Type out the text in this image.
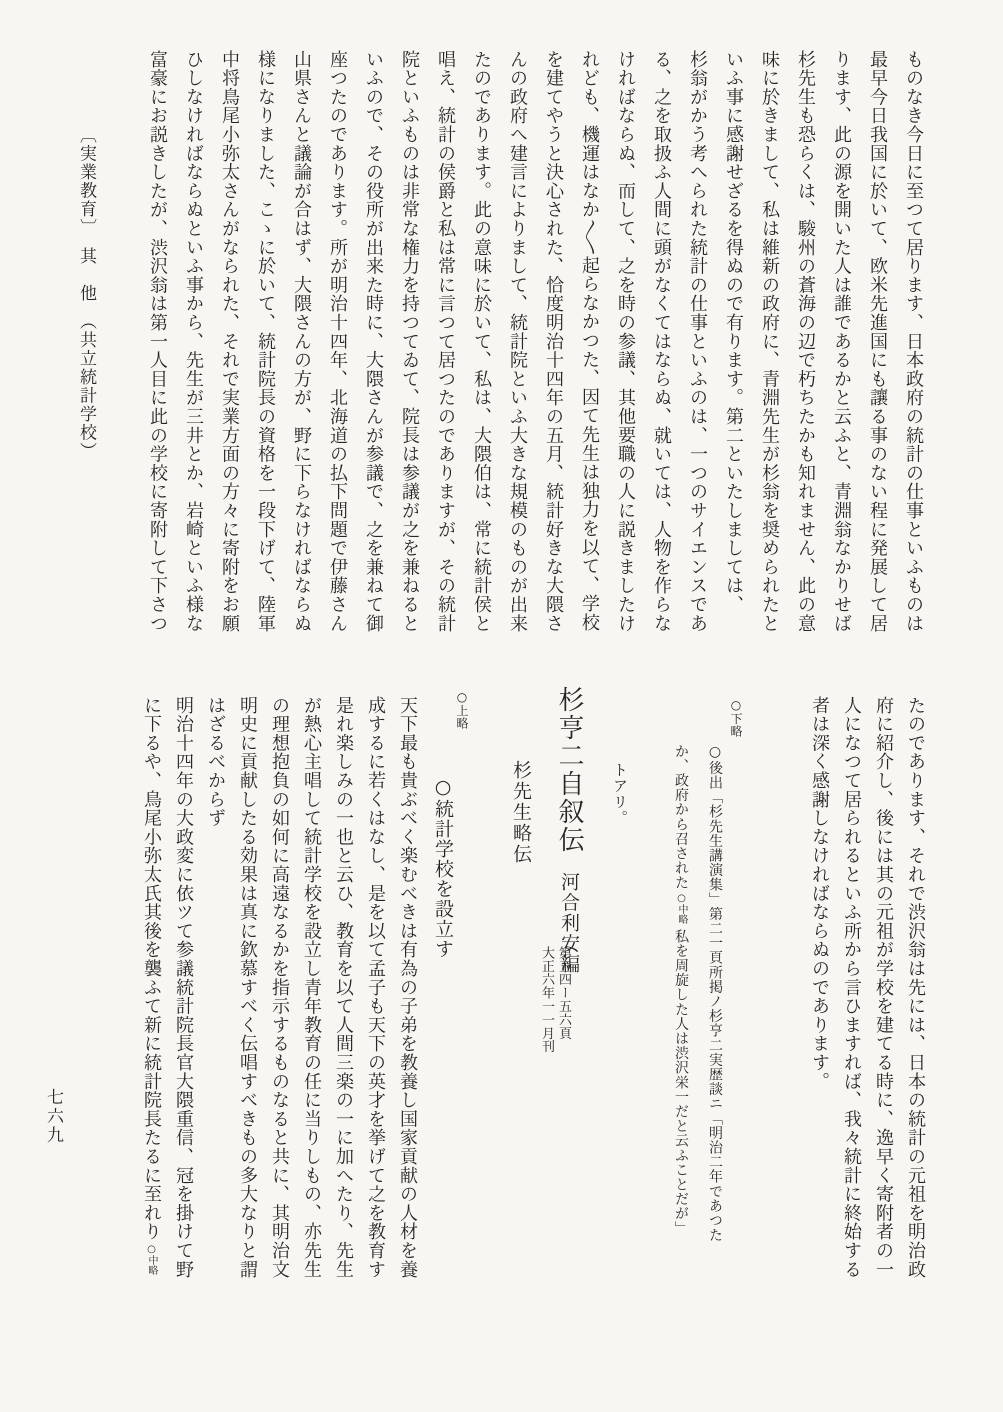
ものなき今日に至つて居ります、日本政府の統計の仕事といふものは
最早今日我国に於いて、欧米先進国にも讓る事のない程に発展して居
ります、此の源を開いた人は誰であるかと云ふと、青淵翁なかりせば
杉先生も恐らくは、駿州の蒼海の辺で朽ちたかも知れません、此の意
味に於きまして、私は維新の政府に、青淵先生が杉翁を奨められたと
いふ事に感謝せざるを得ぬので有ります。第二といたしましては、
杉翁がかう考へられた統計の仕事といふのは、一つのサイエンスであ
る、之を取扱ふ人間に頭がなくてはならぬ、就いては、人物を作らな
ければならぬ、而して、之を時の参議、其他要職の人に説きましたけ
れども、機運はなか〱起らなかつた、因て先生は独力を以て、学校
を建てやうと決心された、恰度明治十四年の五月、統計好きな大隈さ
んの政府へ建言によりまして、統計院といふ大きな規模のものが出来
たのであります。此の意味に於いて、私は、大隈伯は、常に統計侯と
唱え、統計の侯爵と私は常に言つて居つたのでありますが、その統計
院といふものは非常な権力を持つてゐて、院長は参議が之を兼ねると
いふので、その役所が出来た時に、大隈さんが参議で、之を兼ねて御
座つたのであります。所が明治十四年、北海道の払下問題で伊藤さん
山県さんと議論が合はず、大隈さんの方が、野に下らなければならぬ
様になりました、こゝに於いて、統計院長の資格を一段下げて、陸軍
中将鳥尾小弥太さんがなられた、それで実業方面の方々に寄附をお願
ひしなければならぬといふ事から、先生が三井とか、岩崎といふ様な
富豪にお説きしたが、渋沢翁は第一人目に此の学校に寄附して下さつ
〔実業教育〕　其　他　（共立統計学校）
たのであります、それで渋沢翁は先には、日本の統計の元祖を明治政
府に紹介し、後には其の元祖が学校を建てる時に、逸早く寄附者の一
人になつて居られるといふ所から言ひますれば、我々統計に終始する
者は深く感謝しなければならぬのであります。
○下略
○後出「杉先生講演集」第二一頁所掲ノ杉亨二実歴談ニ「明治二年であつた
か、政府から召された○中略私を周旋した人は渋沢栄一だと云ふことだが」
トアリ。
杉亨二自叙伝河合利安編
第五四ー五六頁
大正六年一一月刊
杉先生略伝
○上略
○統計学校を設立す
天下最も貴ぶべく楽むべきは有為の子弟を教養し国家貢献の人材を養
成するに若くはなし、是を以て孟子も天下の英才を挙げて之を教育す
是れ楽しみの一也と云ひ、教育を以て人間三楽の一に加へたり、先生
が熱心主唱して統計学校を設立し青年教育の任に当りしもの、亦先生
の理想抱負の如何に高遠なるかを指示するものなると共に、其明治文
明史に貢献したる効果は真に欽慕すべく伝唱すべきもの多大なりと謂
はざるべからず
明治十四年の大政変に依ツて参議統計院長官大隈重信、冠を掛けて野
に下るや、鳥尾小弥太氏其後を襲ふて新に統計院長たるに至れり○中略
七六九
